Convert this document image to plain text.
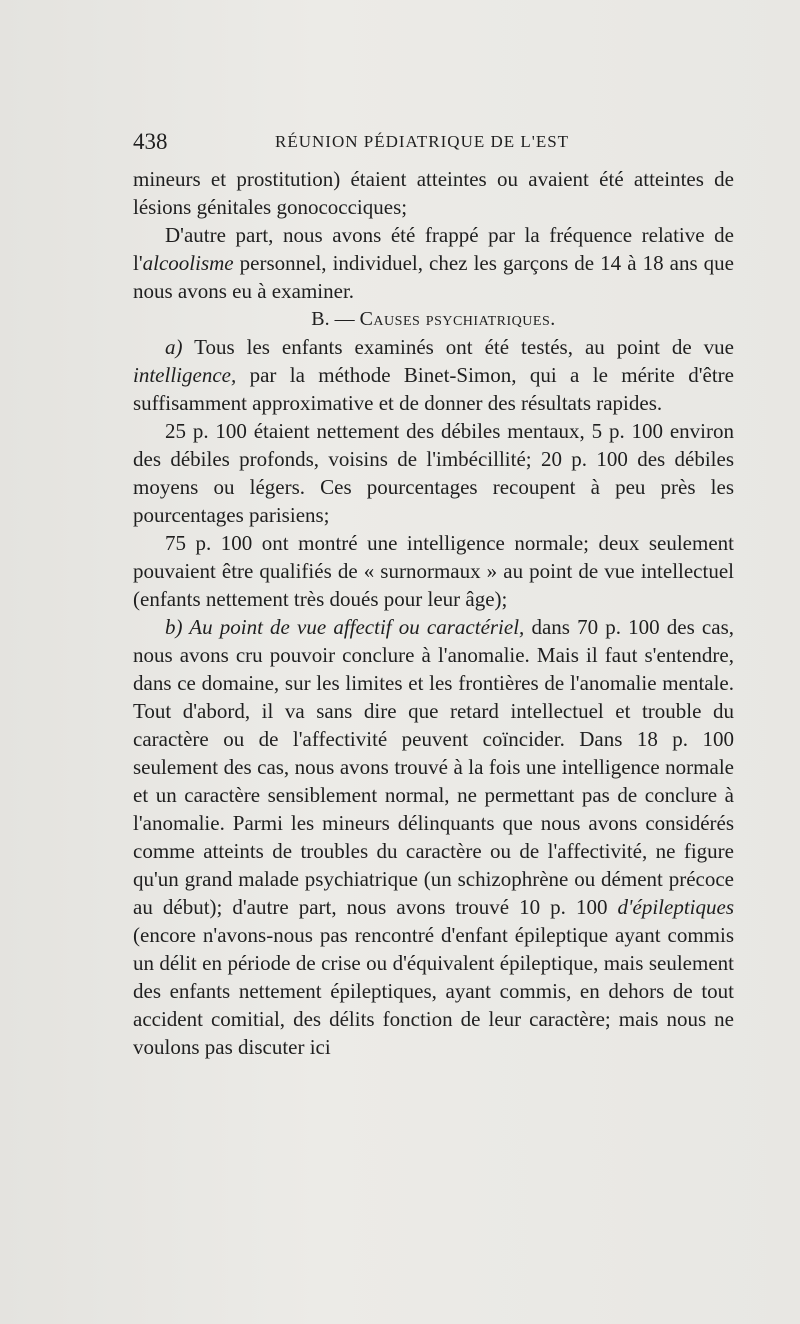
438	RÉUNION PÉDIATRIQUE DE L'EST

mineurs et prostitution) étaient atteintes ou avaient été atteintes de lésions génitales gonococciques;

D'autre part, nous avons été frappé par la fréquence relative de l'alcoolisme personnel, individuel, chez les garçons de 14 à 18 ans que nous avons eu à examiner.

B. — Causes psychiatriques.

a) Tous les enfants examinés ont été testés, au point de vue intelligence, par la méthode Binet-Simon, qui a le mérite d'être suffisamment approximative et de donner des résultats rapides.

25 p. 100 étaient nettement des débiles mentaux, 5 p. 100 environ des débiles profonds, voisins de l'imbécillité; 20 p. 100 des débiles moyens ou légers. Ces pourcentages recoupent à peu près les pourcentages parisiens;

75 p. 100 ont montré une intelligence normale; deux seulement pouvaient être qualifiés de « surnormaux » au point de vue intellectuel (enfants nettement très doués pour leur âge);

b) Au point de vue affectif ou caractériel, dans 70 p. 100 des cas, nous avons cru pouvoir conclure à l'anomalie. Mais il faut s'entendre, dans ce domaine, sur les limites et les frontières de l'anomalie mentale. Tout d'abord, il va sans dire que retard intellectuel et trouble du caractère ou de l'affectivité peuvent coïncider. Dans 18 p. 100 seulement des cas, nous avons trouvé à la fois une intelligence normale et un caractère sensiblement normal, ne permettant pas de conclure à l'anomalie. Parmi les mineurs délinquants que nous avons considérés comme atteints de troubles du caractère ou de l'affectivité, ne figure qu'un grand malade psychiatrique (un schizophrène ou dément précoce au début); d'autre part, nous avons trouvé 10 p. 100 d'épileptiques (encore n'avons-nous pas rencontré d'enfant épileptique ayant commis un délit en période de crise ou d'équivalent épileptique, mais seulement des enfants nettement épileptiques, ayant commis, en dehors de tout accident comitial, des délits fonction de leur caractère; mais nous ne voulons pas discuter ici
